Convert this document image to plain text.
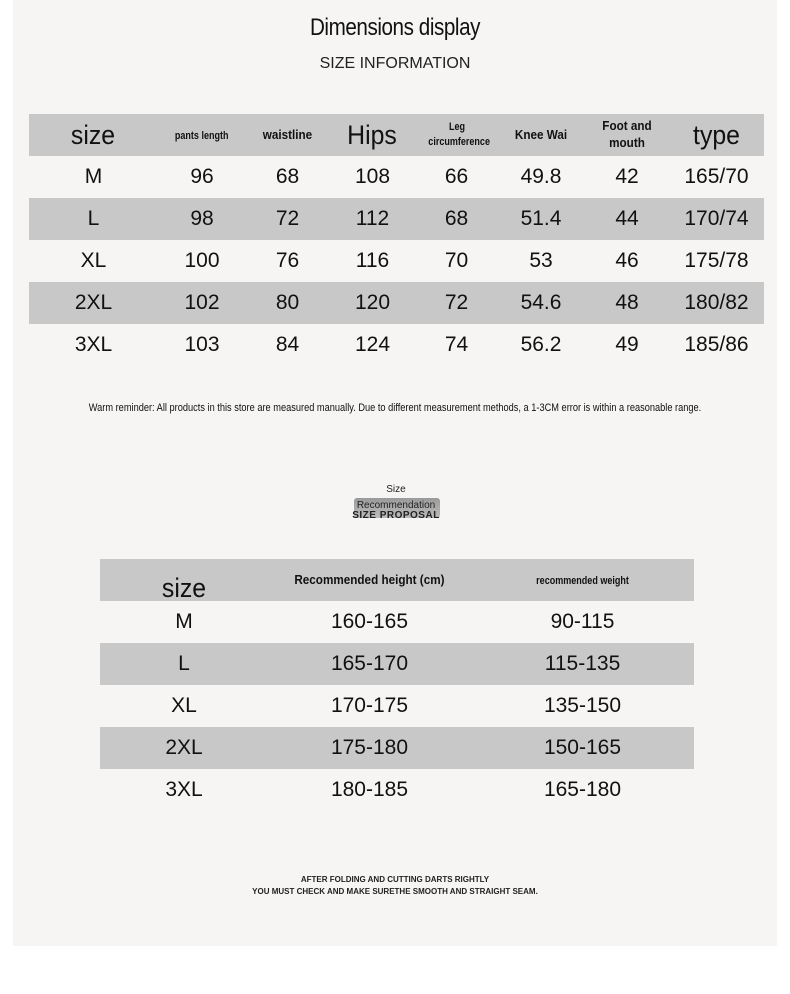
Dimensions display
SIZE INFORMATION
size	pants length	waistline	Hips	Leg circumference	Knee Wai	Foot and mouth	type
M	96	68	108	66	49.8	42	165/70
L	98	72	112	68	51.4	44	170/74
XL	100	76	116	70	53	46	175/78
2XL	102	80	120	72	54.6	48	180/82
3XL	103	84	124	74	56.2	49	185/86
Warm reminder: All products in this store are measured manually. Due to different measurement methods, a 1-3CM error is within a reasonable range.
Size
Recommendation
SIZE PROPOSAL
size	Recommended height (cm)	recommended weight
M	160-165	90-115
L	165-170	115-135
XL	170-175	135-150
2XL	175-180	150-165
3XL	180-185	165-180
AFTER FOLDING AND CUTTING DARTS RIGHTLY
YOU MUST CHECK AND MAKE SURETHE SMOOTH AND STRAIGHT SEAM.
